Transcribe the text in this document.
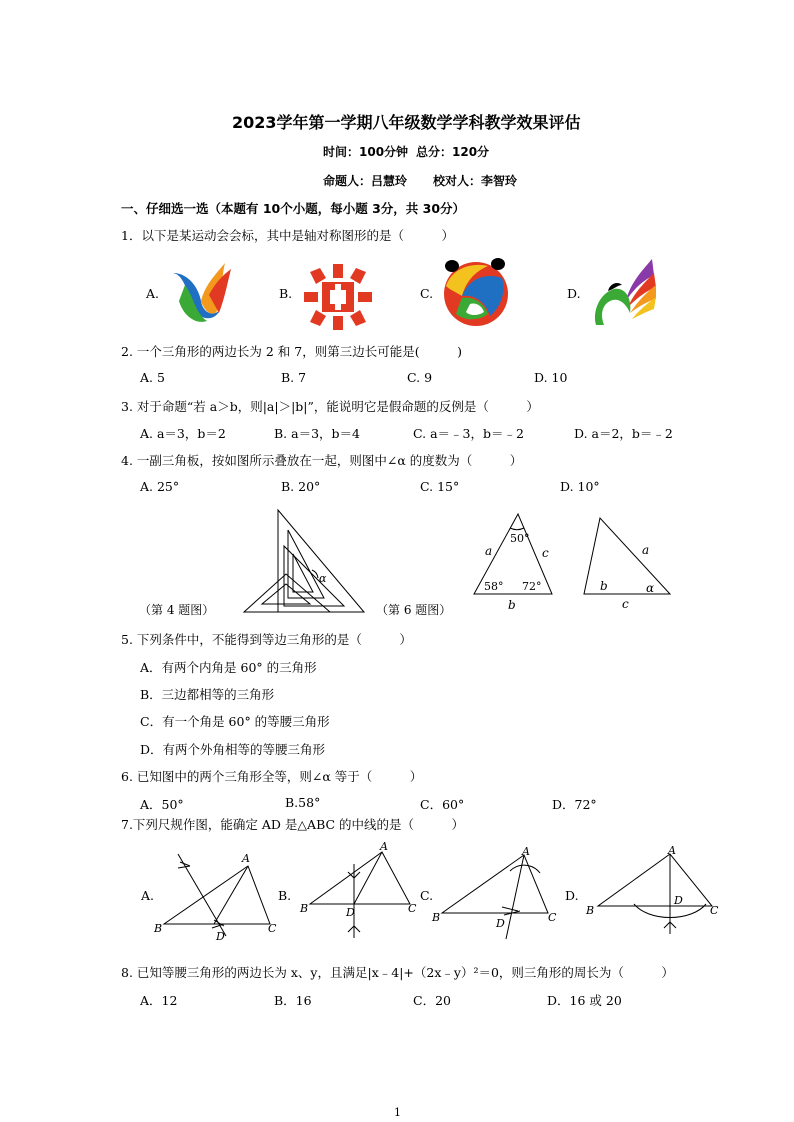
2023学年第一学期八年级数学学科教学效果评估
时间：100分钟 总分：120分
命题人：吕慧玲 校对人：李智玲
一、仔细选一选（本题有 10个小题，每小题 3分，共 30分）
1．以下是某运动会会标，其中是轴对称图形的是（　　　）
A.	B.	C.	D.
2. 一个三角形的两边长为 2 和 7，则第三边长可能是(　　　)
A. 5	B. 7	C. 9	D. 10
3. 对于命题“若 a＞b，则|a|＞|b|”，能说明它是假命题的反例是（　　　）
A. a＝3，b＝2	B. a＝3，b＝4	C. a＝﹣3，b＝﹣2	D. a＝2，b＝﹣2
4. 一副三角板，按如图所示叠放在一起，则图中∠α 的度数为（　　　）
A. 25°	B. 20°	C. 15°	D. 10°
α
（第 4 题图）	（第 6 题图）
50°
58° 72°
a	c
b
a
b	α
c
5. 下列条件中，不能得到等边三角形的是（　　　）
A．有两个内角是 60° 的三角形
B．三边都相等的三角形
C．有一个角是 60° 的等腰三角形
D．有两个外角相等的等腰三角形
6. 已知图中的两个三角形全等，则∠α 等于（　　　）
A．50°	B.58°	C．60°	D．72°
7.下列尺规作图，能确定 AD 是△ABC 的中线的是（　　　）
A.	B.	C.	D.
A
B	C
D
A
B	C
D
A
B	C
D
A
B	C
D
8. 已知等腰三角形的两边长为 x、y，且满足|x﹣4|+（2x﹣y）²＝0，则三角形的周长为（　　　）
A．12	B．16	C．20	D．16 或 20
1
